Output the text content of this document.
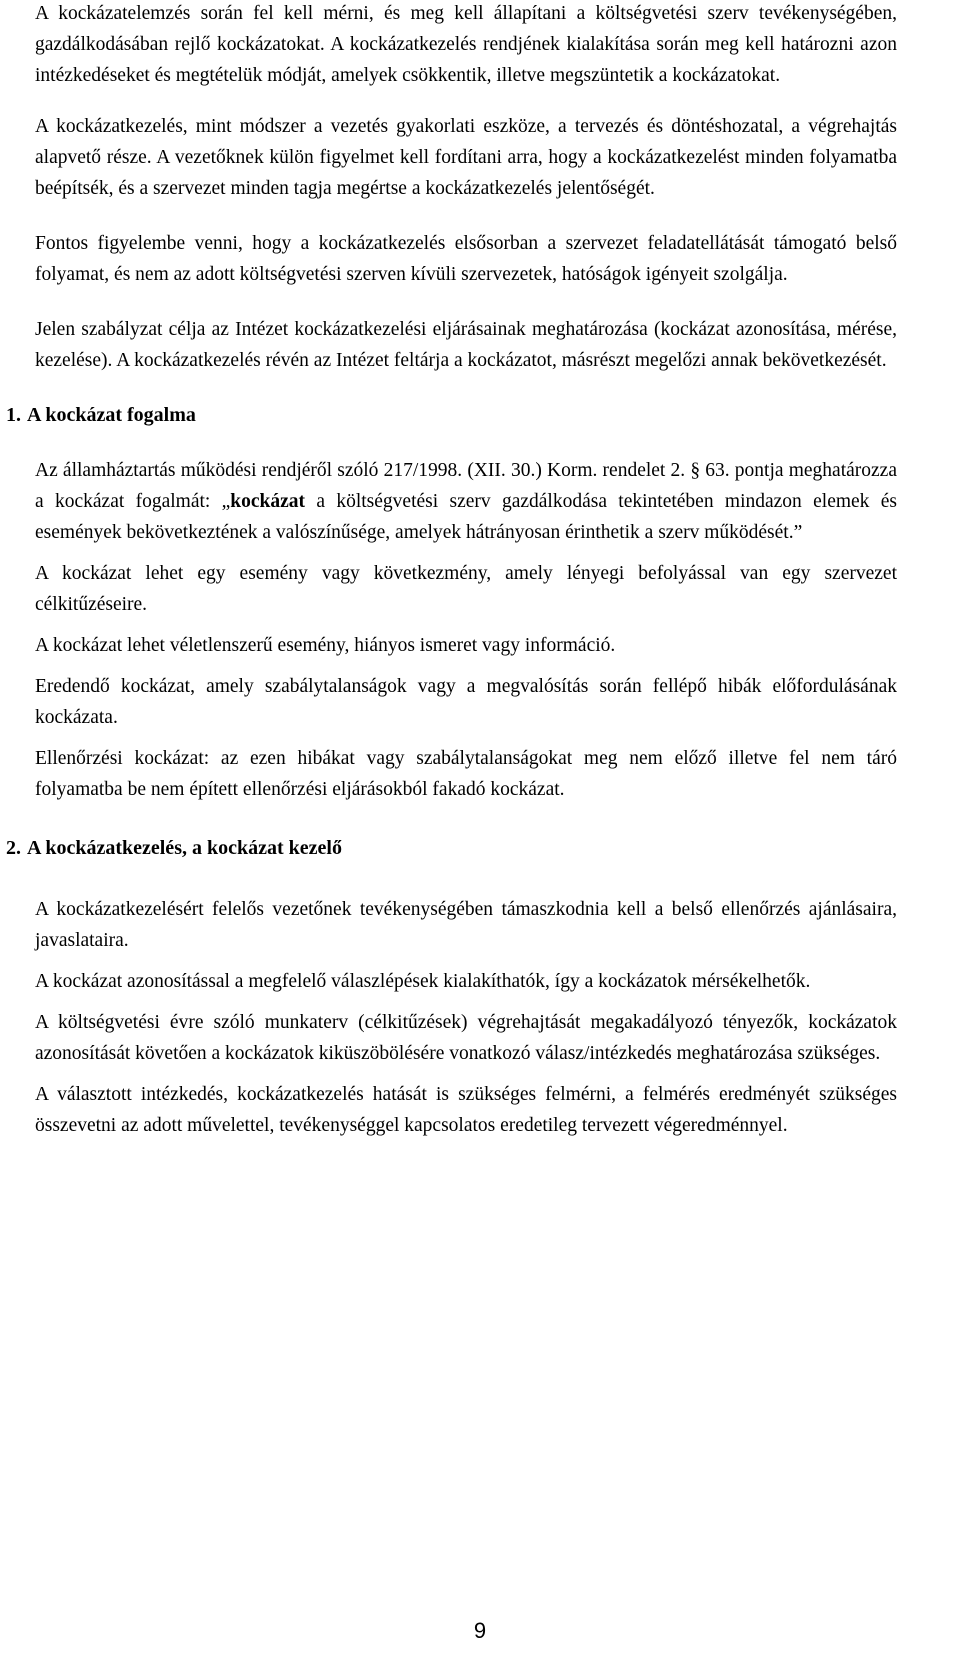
A kockázatelemzés során fel kell mérni, és meg kell állapítani a költségvetési szerv tevékenységében, gazdálkodásában rejlő kockázatokat. A kockázatkezelés rendjének kialakítása során meg kell határozni azon intézkedéseket és megtételük módját, amelyek csökkentik, illetve megszüntetik a kockázatokat.

A kockázatkezelés, mint módszer a vezetés gyakorlati eszköze, a tervezés és döntéshozatal, a végrehajtás alapvető része. A vezetőknek külön figyelmet kell fordítani arra, hogy a kockázatkezelést minden folyamatba beépítsék, és a szervezet minden tagja megértse a kockázatkezelés jelentőségét.

Fontos figyelembe venni, hogy a kockázatkezelés elsősorban a szervezet feladatellátását támogató belső folyamat, és nem az adott költségvetési szerven kívüli szervezetek, hatóságok igényeit szolgálja.

Jelen szabályzat célja az Intézet kockázatkezelési eljárásainak meghatározása (kockázat azonosítása, mérése, kezelése). A kockázatkezelés révén az Intézet feltárja a kockázatot, másrészt megelőzi annak bekövetkezését.

1. A kockázat fogalma

Az államháztartás működési rendjéről szóló 217/1998. (XII. 30.) Korm. rendelet 2. § 63. pontja meghatározza a kockázat fogalmát: „kockázat a költségvetési szerv gazdálkodása tekintetében mindazon elemek és események bekövetkeztének a valószínűsége, amelyek hátrányosan érinthetik a szerv működését.”

A kockázat lehet egy esemény vagy következmény, amely lényegi befolyással van egy szervezet célkitűzéseire.

A kockázat lehet véletlenszerű esemény, hiányos ismeret vagy információ.

Eredendő kockázat, amely szabálytalanságok vagy a megvalósítás során fellépő hibák előfordulásának kockázata.

Ellenőrzési kockázat: az ezen hibákat vagy szabálytalanságokat meg nem előző illetve fel nem táró folyamatba be nem épített ellenőrzési eljárásokból fakadó kockázat.

2. A kockázatkezelés, a kockázat kezelő

A kockázatkezelésért felelős vezetőnek tevékenységében támaszkodnia kell a belső ellenőrzés ajánlásaira, javaslataira.

A kockázat azonosítással a megfelelő válaszlépések kialakíthatók, így a kockázatok mérsékelhetők.

A költségvetési évre szóló munkaterv (célkitűzések) végrehajtását megakadályozó tényezők, kockázatok azonosítását követően a kockázatok kiküszöbölésére vonatkozó válasz/intézkedés meghatározása szükséges.

A választott intézkedés, kockázatkezelés hatását is szükséges felmérni, a felmérés eredményét szükséges összevetni az adott művelettel, tevékenységgel kapcsolatos eredetileg tervezett végeredménnyel.

9
